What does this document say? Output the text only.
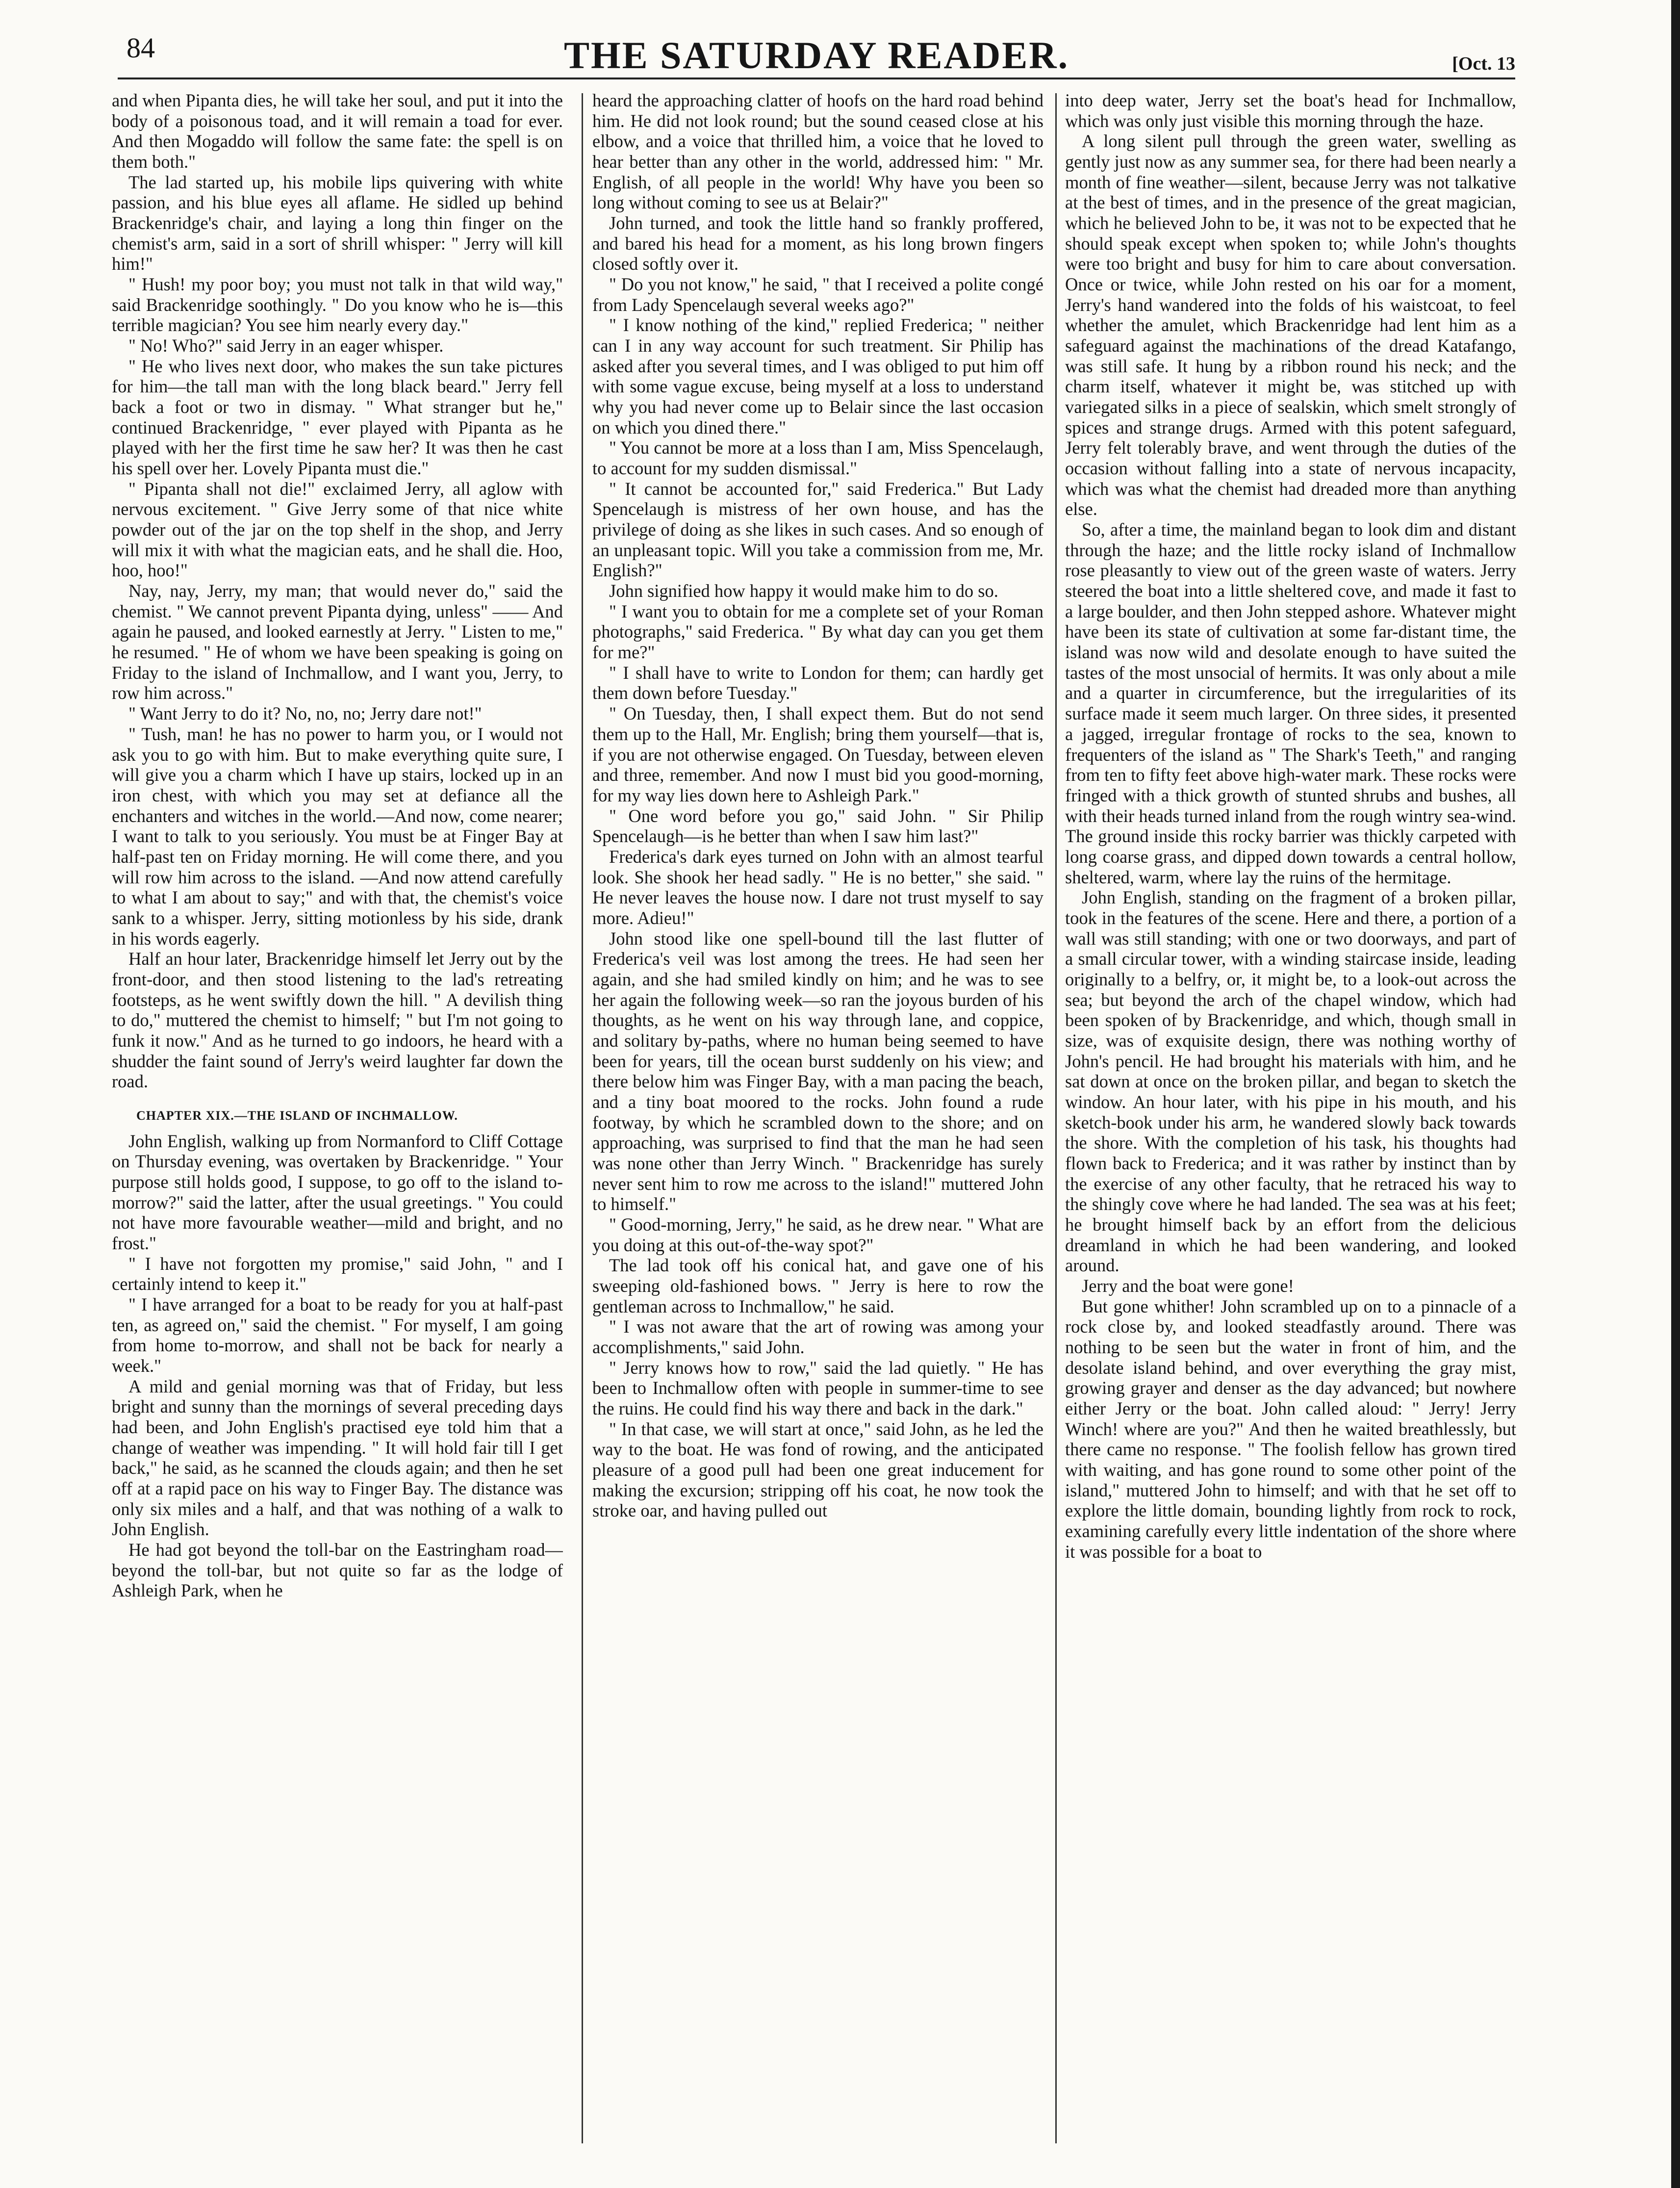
84	THE SATURDAY READER.	[Oct. 13

and when Pipanta dies, he will take her soul, and put it into the body of a poisonous toad, and it will remain a toad for ever. And then Mogaddo will follow the same fate: the spell is on them both."

The lad started up, his mobile lips quivering with white passion, and his blue eyes all aflame. He sidled up behind Brackenridge's chair, and laying a long thin finger on the chemist's arm, said in a sort of shrill whisper: " Jerry will kill him!"

" Hush! my poor boy; you must not talk in that wild way," said Brackenridge soothingly. " Do you know who he is—this terrible magician? You see him nearly every day."

" No! Who?" said Jerry in an eager whisper.

" He who lives next door, who makes the sun take pictures for him—the tall man with the long black beard." Jerry fell back a foot or two in dismay. " What stranger but he," continued Brackenridge, " ever played with Pipanta as he played with her the first time he saw her? It was then he cast his spell over her. Lovely Pipanta must die."

" Pipanta shall not die!" exclaimed Jerry, all aglow with nervous excitement. " Give Jerry some of that nice white powder out of the jar on the top shelf in the shop, and Jerry will mix it with what the magician eats, and he shall die. Hoo, hoo, hoo!"

Nay, nay, Jerry, my man; that would never do," said the chemist. " We cannot prevent Pipanta dying, unless" —— And again he paused, and looked earnestly at Jerry. " Listen to me," he resumed. " He of whom we have been speaking is going on Friday to the island of Inchmallow, and I want you, Jerry, to row him across."

" Want Jerry to do it? No, no, no; Jerry dare not!"

" Tush, man! he has no power to harm you, or I would not ask you to go with him. But to make everything quite sure, I will give you a charm which I have up stairs, locked up in an iron chest, with which you may set at defiance all the enchanters and witches in the world.—And now, come nearer; I want to talk to you seriously. You must be at Finger Bay at half-past ten on Friday morning. He will come there, and you will row him across to the island. —And now attend carefully to what I am about to say;" and with that, the chemist's voice sank to a whisper. Jerry, sitting motionless by his side, drank in his words eagerly.

Half an hour later, Brackenridge himself let Jerry out by the front-door, and then stood listening to the lad's retreating footsteps, as he went swiftly down the hill. " A devilish thing to do," muttered the chemist to himself; " but I'm not going to funk it now." And as he turned to go indoors, he heard with a shudder the faint sound of Jerry's weird laughter far down the road.

CHAPTER XIX.—THE ISLAND OF INCHMALLOW.

John English, walking up from Normanford to Cliff Cottage on Thursday evening, was overtaken by Brackenridge. " Your purpose still holds good, I suppose, to go off to the island to-morrow?" said the latter, after the usual greetings. " You could not have more favourable weather—mild and bright, and no frost."

" I have not forgotten my promise," said John, " and I certainly intend to keep it."

" I have arranged for a boat to be ready for you at half-past ten, as agreed on," said the chemist. " For myself, I am going from home to-morrow, and shall not be back for nearly a week."

A mild and genial morning was that of Friday, but less bright and sunny than the mornings of several preceding days had been, and John English's practised eye told him that a change of weather was impending. " It will hold fair till I get back," he said, as he scanned the clouds again; and then he set off at a rapid pace on his way to Finger Bay. The distance was only six miles and a half, and that was nothing of a walk to John English.

He had got beyond the toll-bar on the Eastringham road—beyond the toll-bar, but not quite so far as the lodge of Ashleigh Park, when he

heard the approaching clatter of hoofs on the hard road behind him. He did not look round; but the sound ceased close at his elbow, and a voice that thrilled him, a voice that he loved to hear better than any other in the world, addressed him: " Mr. English, of all people in the world! Why have you been so long without coming to see us at Belair?"

John turned, and took the little hand so frankly proffered, and bared his head for a moment, as his long brown fingers closed softly over it.

" Do you not know," he said, " that I received a polite congé from Lady Spencelaugh several weeks ago?"

" I know nothing of the kind," replied Frederica; " neither can I in any way account for such treatment. Sir Philip has asked after you several times, and I was obliged to put him off with some vague excuse, being myself at a loss to understand why you had never come up to Belair since the last occasion on which you dined there."

" You cannot be more at a loss than I am, Miss Spencelaugh, to account for my sudden dismissal."

" It cannot be accounted for," said Frederica." But Lady Spencelaugh is mistress of her own house, and has the privilege of doing as she likes in such cases. And so enough of an unpleasant topic. Will you take a commission from me, Mr. English?"

John signified how happy it would make him to do so.

" I want you to obtain for me a complete set of your Roman photographs," said Frederica. " By what day can you get them for me?"

" I shall have to write to London for them; can hardly get them down before Tuesday."

" On Tuesday, then, I shall expect them. But do not send them up to the Hall, Mr. English; bring them yourself—that is, if you are not otherwise engaged. On Tuesday, between eleven and three, remember. And now I must bid you good-morning, for my way lies down here to Ashleigh Park."

" One word before you go," said John. " Sir Philip Spencelaugh—is he better than when I saw him last?"

Frederica's dark eyes turned on John with an almost tearful look. She shook her head sadly. " He is no better," she said. " He never leaves the house now. I dare not trust myself to say more. Adieu!"

John stood like one spell-bound till the last flutter of Frederica's veil was lost among the trees. He had seen her again, and she had smiled kindly on him; and he was to see her again the following week—so ran the joyous burden of his thoughts, as he went on his way through lane, and coppice, and solitary by-paths, where no human being seemed to have been for years, till the ocean burst suddenly on his view; and there below him was Finger Bay, with a man pacing the beach, and a tiny boat moored to the rocks. John found a rude footway, by which he scrambled down to the shore; and on approaching, was surprised to find that the man he had seen was none other than Jerry Winch. " Brackenridge has surely never sent him to row me across to the island!" muttered John to himself."

" Good-morning, Jerry," he said, as he drew near. " What are you doing at this out-of-the-way spot?"

The lad took off his conical hat, and gave one of his sweeping old-fashioned bows. " Jerry is here to row the gentleman across to Inchmallow," he said.

" I was not aware that the art of rowing was among your accomplishments," said John.

" Jerry knows how to row," said the lad quietly. " He has been to Inchmallow often with people in summer-time to see the ruins. He could find his way there and back in the dark."

" In that case, we will start at once," said John, as he led the way to the boat. He was fond of rowing, and the anticipated pleasure of a good pull had been one great inducement for making the excursion; stripping off his coat, he now took the stroke oar, and having pulled out

into deep water, Jerry set the boat's head for Inchmallow, which was only just visible this morning through the haze.

A long silent pull through the green water, swelling as gently just now as any summer sea, for there had been nearly a month of fine weather—silent, because Jerry was not talkative at the best of times, and in the presence of the great magician, which he believed John to be, it was not to be expected that he should speak except when spoken to; while John's thoughts were too bright and busy for him to care about conversation. Once or twice, while John rested on his oar for a moment, Jerry's hand wandered into the folds of his waistcoat, to feel whether the amulet, which Brackenridge had lent him as a safeguard against the machinations of the dread Katafango, was still safe. It hung by a ribbon round his neck; and the charm itself, whatever it might be, was stitched up with variegated silks in a piece of sealskin, which smelt strongly of spices and strange drugs. Armed with this potent safeguard, Jerry felt tolerably brave, and went through the duties of the occasion without falling into a state of nervous incapacity, which was what the chemist had dreaded more than anything else.

So, after a time, the mainland began to look dim and distant through the haze; and the little rocky island of Inchmallow rose pleasantly to view out of the green waste of waters. Jerry steered the boat into a little sheltered cove, and made it fast to a large boulder, and then John stepped ashore. Whatever might have been its state of cultivation at some far-distant time, the island was now wild and desolate enough to have suited the tastes of the most unsocial of hermits. It was only about a mile and a quarter in circumference, but the irregularities of its surface made it seem much larger. On three sides, it presented a jagged, irregular frontage of rocks to the sea, known to frequenters of the island as " The Shark's Teeth," and ranging from ten to fifty feet above high-water mark. These rocks were fringed with a thick growth of stunted shrubs and bushes, all with their heads turned inland from the rough wintry sea-wind. The ground inside this rocky barrier was thickly carpeted with long coarse grass, and dipped down towards a central hollow, sheltered, warm, where lay the ruins of the hermitage.

John English, standing on the fragment of a broken pillar, took in the features of the scene. Here and there, a portion of a wall was still standing; with one or two doorways, and part of a small circular tower, with a winding staircase inside, leading originally to a belfry, or, it might be, to a look-out across the sea; but beyond the arch of the chapel window, which had been spoken of by Brackenridge, and which, though small in size, was of exquisite design, there was nothing worthy of John's pencil. He had brought his materials with him, and he sat down at once on the broken pillar, and began to sketch the window. An hour later, with his pipe in his mouth, and his sketch-book under his arm, he wandered slowly back towards the shore. With the completion of his task, his thoughts had flown back to Frederica; and it was rather by instinct than by the exercise of any other faculty, that he retraced his way to the shingly cove where he had landed. The sea was at his feet; he brought himself back by an effort from the delicious dreamland in which he had been wandering, and looked around.

Jerry and the boat were gone!

But gone whither! John scrambled up on to a pinnacle of a rock close by, and looked steadfastly around. There was nothing to be seen but the water in front of him, and the desolate island behind, and over everything the gray mist, growing grayer and denser as the day advanced; but nowhere either Jerry or the boat. John called aloud: " Jerry! Jerry Winch! where are you?" And then he waited breathlessly, but there came no response. " The foolish fellow has grown tired with waiting, and has gone round to some other point of the island," muttered John to himself; and with that he set off to explore the little domain, bounding lightly from rock to rock, examining carefully every little indentation of the shore where it was possible for a boat to
